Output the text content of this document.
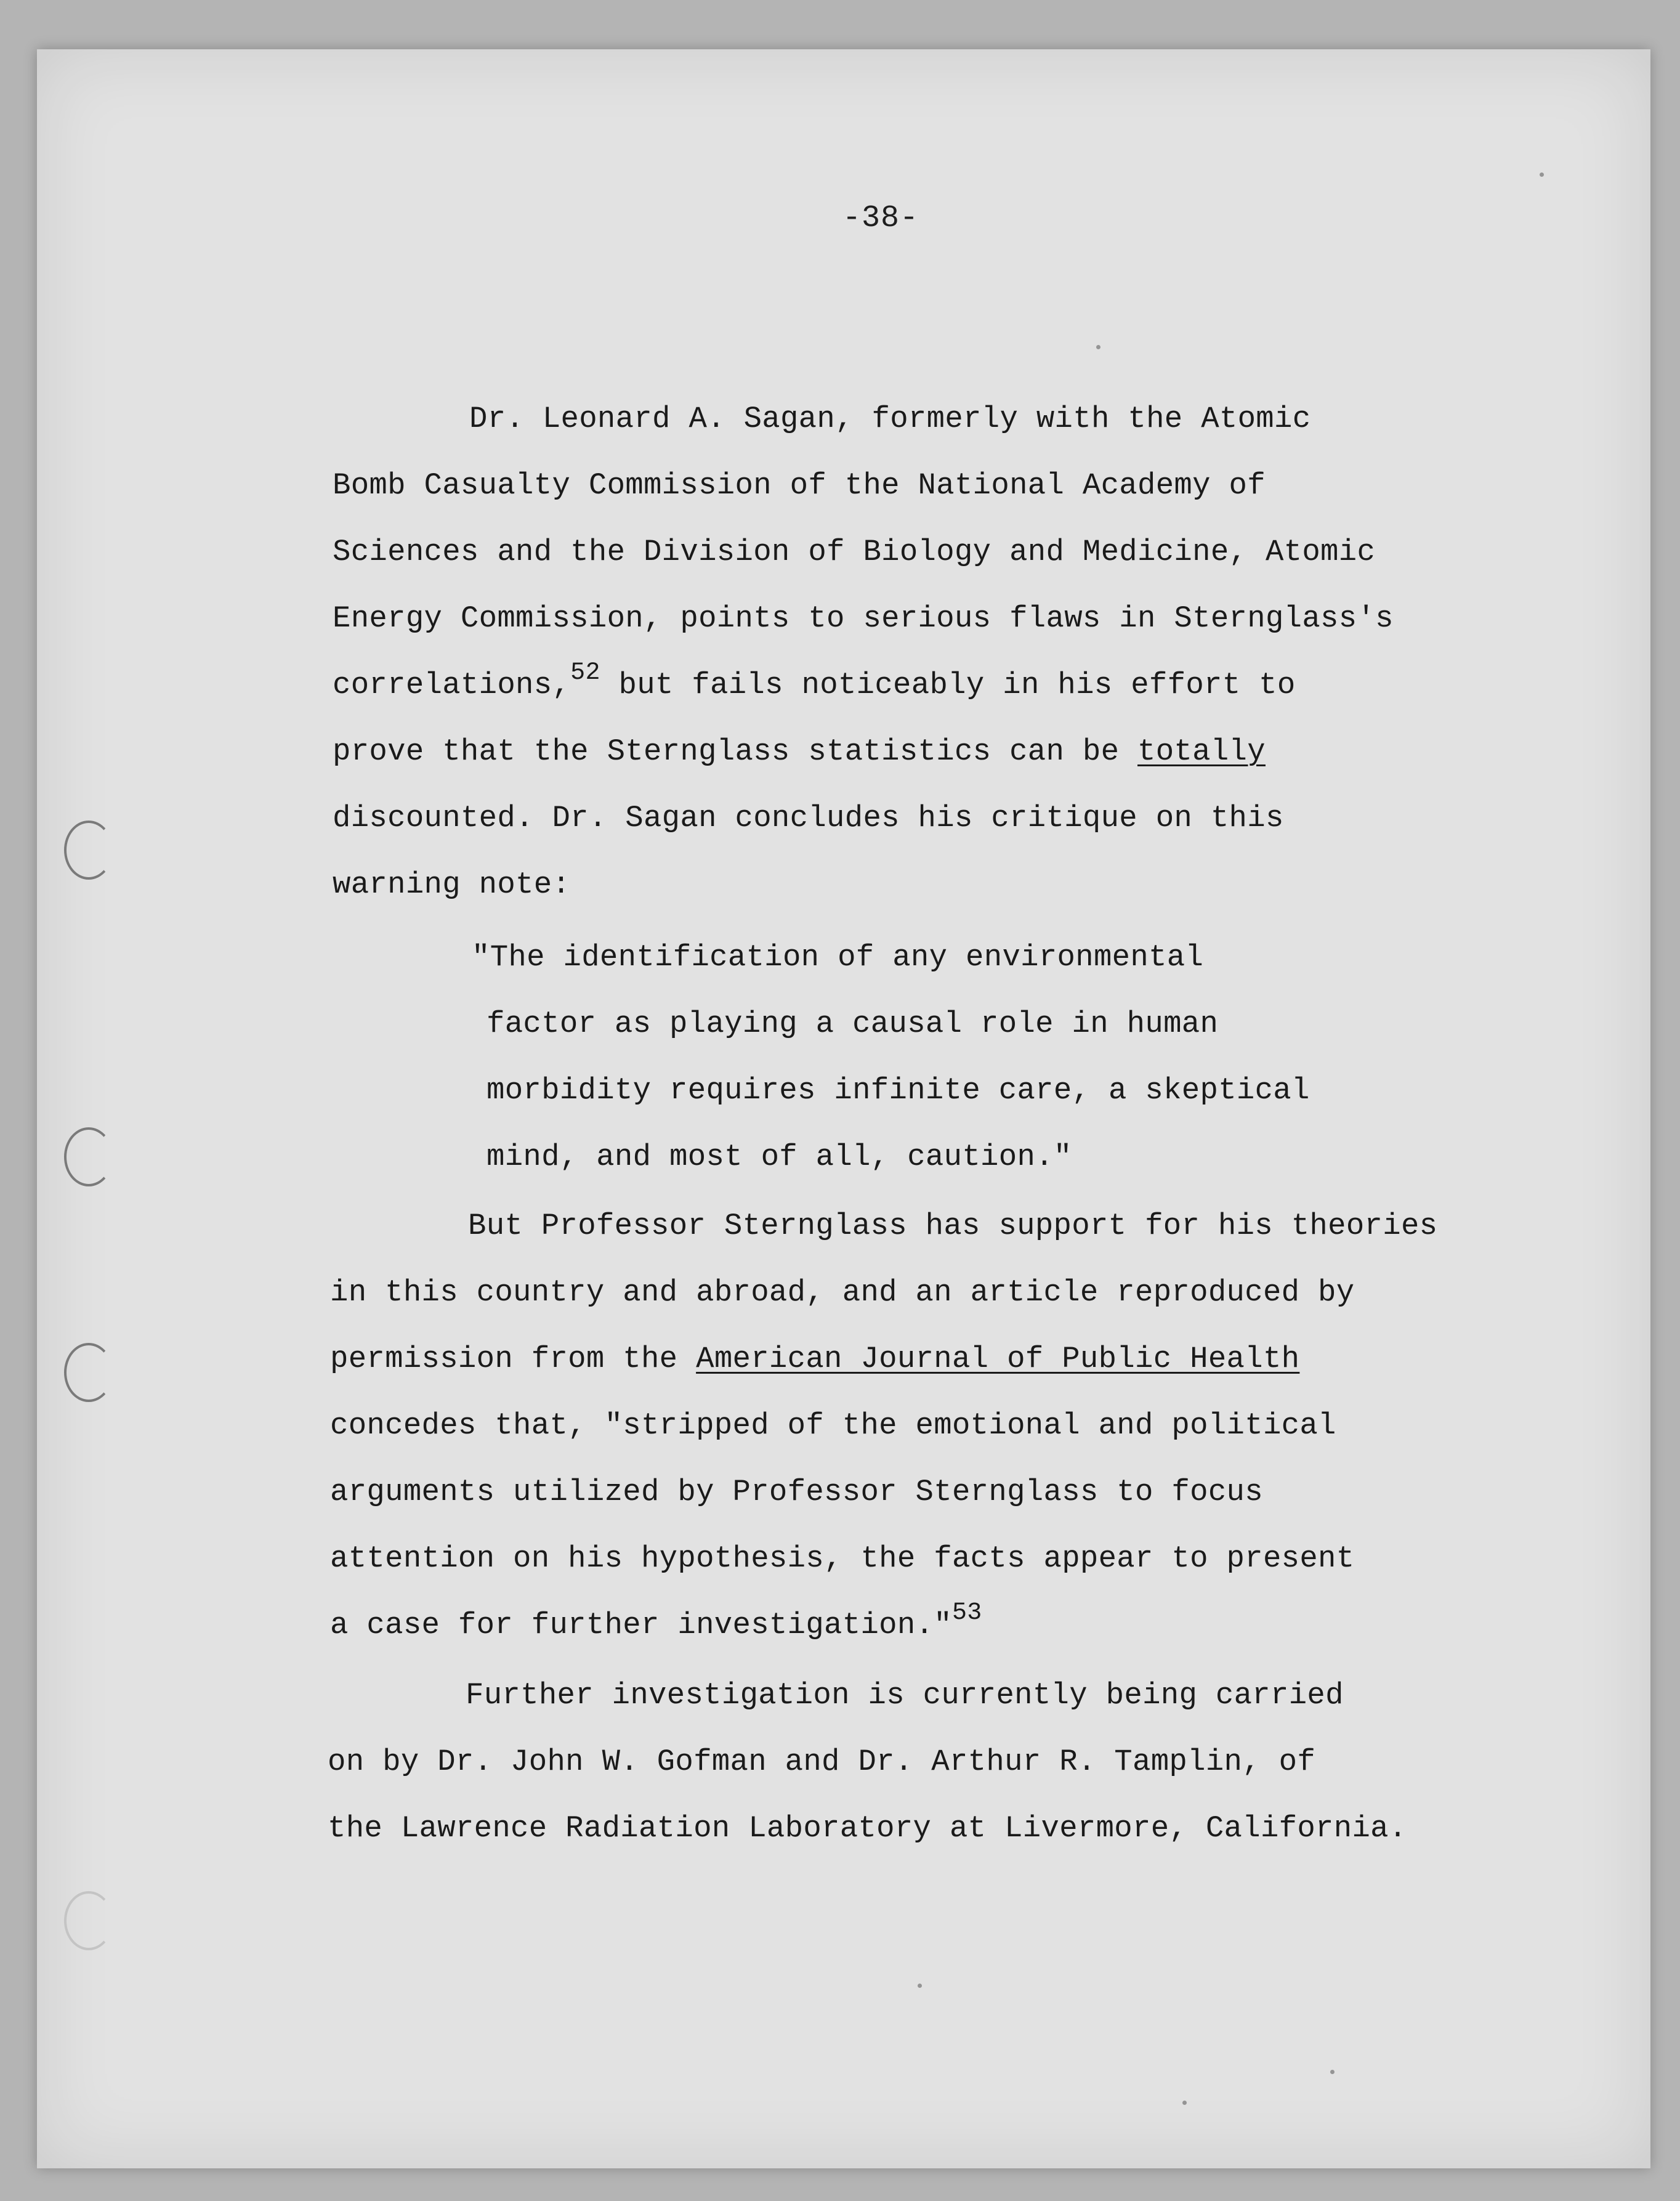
-38-
Dr. Leonard A. Sagan, formerly with the Atomic
Bomb Casualty Commission of the National Academy of
Sciences and the Division of Biology and Medicine, Atomic
Energy Commission, points to serious flaws in Sternglass's
correlations,$^{52}$ but fails noticeably in his effort to
prove that the Sternglass statistics can be totally
discounted. Dr. Sagan concludes his critique on this
warning note:
"The identification of any environmental
factor as playing a causal role in human
morbidity requires infinite care, a skeptical
mind, and most of all, caution."
But Professor Sternglass has support for his theories
in this country and abroad, and an article reproduced by
permission from the American Journal of Public Health
concedes that, "stripped of the emotional and political
arguments utilized by Professor Sternglass to focus
attention on his hypothesis, the facts appear to present
a case for further investigation."$^{53}$
Further investigation is currently being carried
on by Dr. John W. Gofman and Dr. Arthur R. Tamplin, of
the Lawrence Radiation Laboratory at Livermore, California.
